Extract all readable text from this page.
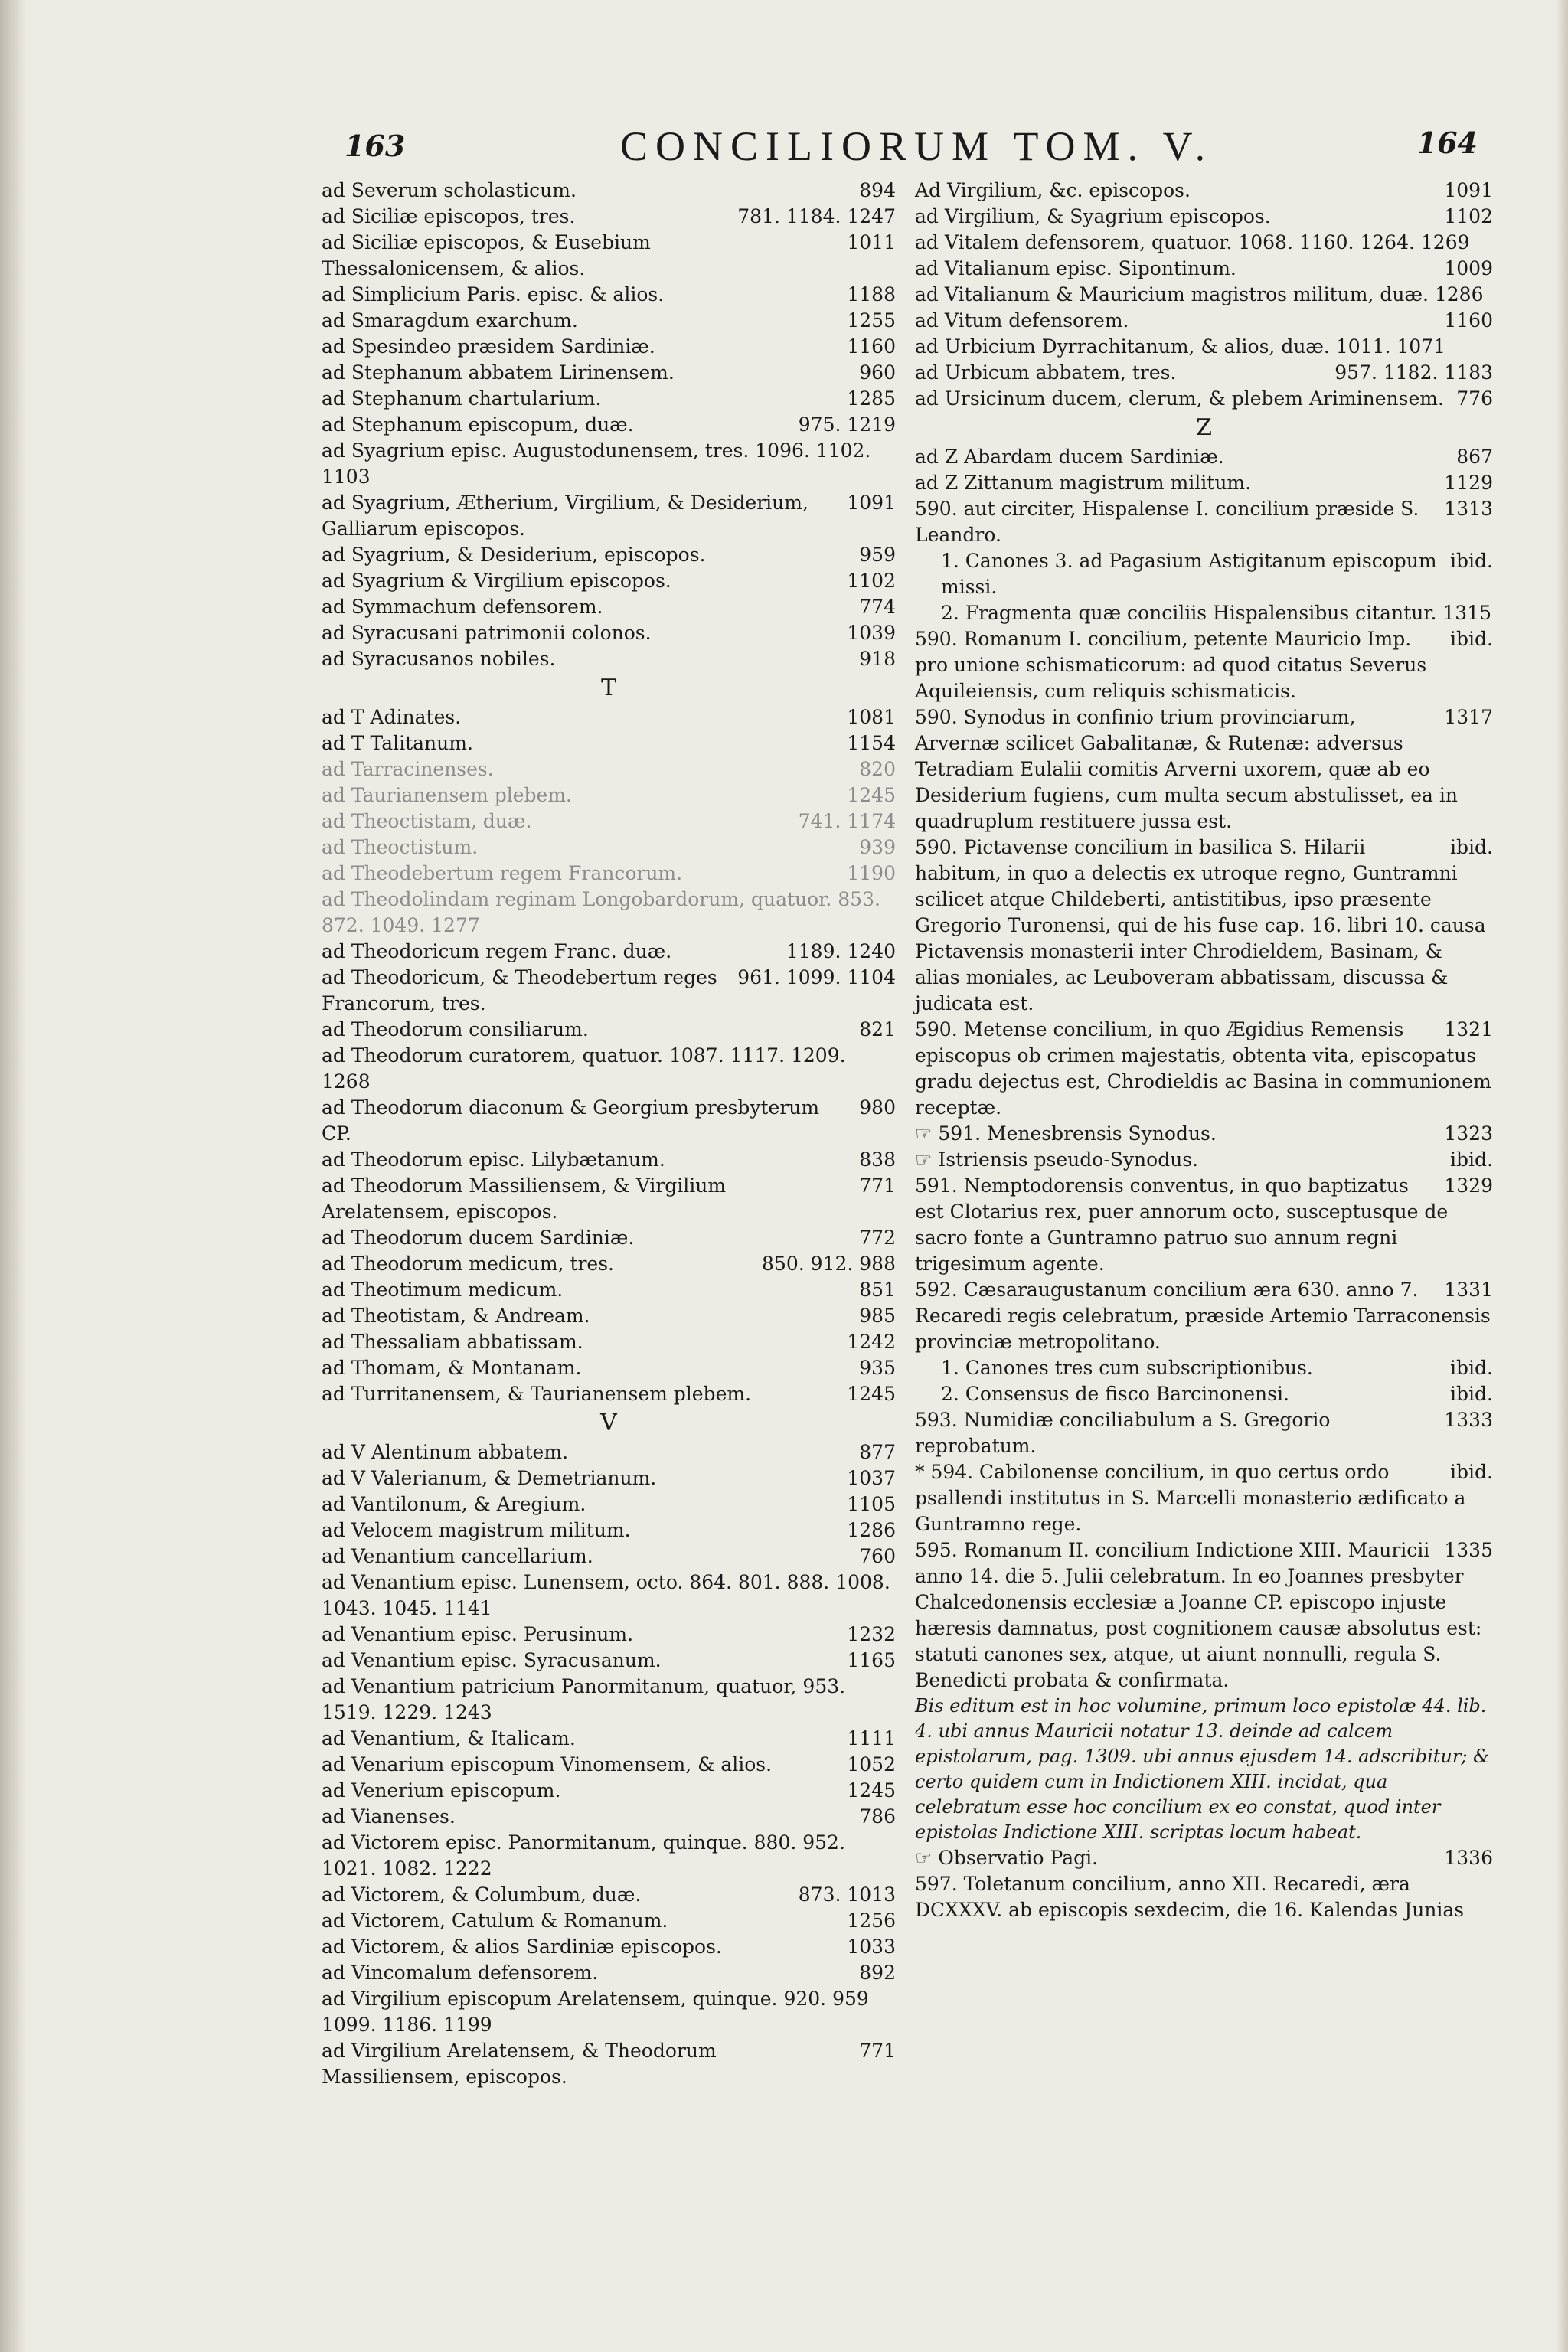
163	CONCILIORUM TOM. V.	164
894
ad Severum scholasticum.
781. 1184. 1247
ad Siciliæ episcopos, tres.
1011
ad Siciliæ episcopos, & Eusebium Thessalonicensem, & alios.
1188
ad Simplicium Paris. episc. & alios.
1255
ad Smaragdum exarchum.
1160
ad Spesindeo præsidem Sardiniæ.
960
ad Stephanum abbatem Lirinensem.
1285
ad Stephanum chartularium.
975. 1219
ad Stephanum episcopum, duæ.
ad Syagrium episc. Augustodunensem, tres. 1096. 1102. 1103
1091
ad Syagrium, Ætherium, Virgilium, & Desiderium, Galliarum episcopos.
959
ad Syagrium, & Desiderium, episcopos.
1102
ad Syagrium & Virgilium episcopos.
774
ad Symmachum defensorem.
1039
ad Syracusani patrimonii colonos.
918
ad Syracusanos nobiles.
T
1081
ad T Adinates.
1154
ad T Talitanum.
820
ad Tarracinenses.
1245
ad Taurianensem plebem.
741. 1174
ad Theoctistam, duæ.
939
ad Theoctistum.
1190
ad Theodebertum regem Francorum.
ad Theodolindam reginam Longobardorum, quatuor. 853. 872. 1049. 1277
1189. 1240
ad Theodoricum regem Franc. duæ.
961. 1099. 1104
ad Theodoricum, & Theodebertum reges Francorum, tres.
821
ad Theodorum consiliarum.
ad Theodorum curatorem, quatuor. 1087. 1117. 1209. 1268
980
ad Theodorum diaconum & Georgium presbyterum CP.
838
ad Theodorum episc. Lilybætanum.
771
ad Theodorum Massiliensem, & Virgilium Arelatensem, episcopos.
772
ad Theodorum ducem Sardiniæ.
850. 912. 988
ad Theodorum medicum, tres.
851
ad Theotimum medicum.
985
ad Theotistam, & Andream.
1242
ad Thessaliam abbatissam.
935
ad Thomam, & Montanam.
1245
ad Turritanensem, & Taurianensem plebem.
V
877
ad V Alentinum abbatem.
1037
ad V Valerianum, & Demetrianum.
1105
ad Vantilonum, & Aregium.
1286
ad Velocem magistrum militum.
760
ad Venantium cancellarium.
ad Venantium episc. Lunensem, octo. 864. 801. 888. 1008. 1043. 1045. 1141
1232
ad Venantium episc. Perusinum.
1165
ad Venantium episc. Syracusanum.
ad Venantium patricium Panormitanum, quatuor, 953. 1519. 1229. 1243
1111
ad Venantium, & Italicam.
1052
ad Venarium episcopum Vinomensem, & alios.
1245
ad Venerium episcopum.
786
ad Vianenses.
ad Victorem episc. Panormitanum, quinque. 880. 952. 1021. 1082. 1222
873. 1013
ad Victorem, & Columbum, duæ.
1256
ad Victorem, Catulum & Romanum.
1033
ad Victorem, & alios Sardiniæ episcopos.
892
ad Vincomalum defensorem.
ad Virgilium episcopum Arelatensem, quinque. 920. 959 1099. 1186. 1199
771
ad Virgilium Arelatensem, & Theodorum Massiliensem, episcopos.
1091
Ad Virgilium, &c. episcopos.
1102
ad Virgilium, & Syagrium episcopos.
ad Vitalem defensorem, quatuor. 1068. 1160. 1264. 1269
1009
ad Vitalianum episc. Sipontinum.
ad Vitalianum & Mauricium magistros militum, duæ. 1286
1160
ad Vitum defensorem.
ad Urbicium Dyrrachitanum, & alios, duæ. 1011. 1071
957. 1182. 1183
ad Urbicum abbatem, tres.
776
ad Ursicinum ducem, clerum, & plebem Ariminensem.
Z
867
ad Z Abardam ducem Sardiniæ.
1129
ad Z Zittanum magistrum militum.
1313
590. aut circiter, Hispalense I. concilium præside S. Leandro.
ibid.
1. Canones 3. ad Pagasium Astigitanum episcopum missi.
2. Fragmenta quæ conciliis Hispalensibus citantur. 1315
ibid.
590. Romanum I. concilium, petente Mauricio Imp. pro unione schismaticorum: ad quod citatus Severus Aquileiensis, cum reliquis schismaticis.
1317
590. Synodus in confinio trium provinciarum, Arvernæ scilicet Gabalitanæ, & Rutenæ: adversus Tetradiam Eulalii comitis Arverni uxorem, quæ ab eo Desiderium fugiens, cum multa secum abstulisset, ea in quadruplum restituere jussa est.
ibid.
590. Pictavense concilium in basilica S. Hilarii habitum, in quo a delectis ex utroque regno, Guntramni scilicet atque Childeberti, antistitibus, ipso præsente Gregorio Turonensi, qui de his fuse cap. 16. libri 10. causa Pictavensis monasterii inter Chrodieldem, Basinam, & alias moniales, ac Leuboveram abbatissam, discussa & judicata est.
1321
590. Metense concilium, in quo Ægidius Remensis episcopus ob crimen majestatis, obtenta vita, episcopatus gradu dejectus est, Chrodieldis ac Basina in communionem receptæ.
1323
☞ 591. Menesbrensis Synodus.
ibid.
☞ Istriensis pseudo-Synodus.
1329
591. Nemptodorensis conventus, in quo baptizatus est Clotarius rex, puer annorum octo, susceptusque de sacro fonte a Guntramno patruo suo annum regni trigesimum agente.
1331
592. Cæsaraugustanum concilium æra 630. anno 7. Recaredi regis celebratum, præside Artemio Tarraconensis provinciæ metropolitano.
ibid.
1. Canones tres cum subscriptionibus.
ibid.
2. Consensus de fisco Barcinonensi.
1333
593. Numidiæ conciliabulum a S. Gregorio reprobatum.
ibid.
* 594. Cabilonense concilium, in quo certus ordo psallendi institutus in S. Marcelli monasterio ædificato a Guntramno rege.
1335
595. Romanum II. concilium Indictione XIII. Mauricii anno 14. die 5. Julii celebratum. In eo Joannes presbyter Chalcedonensis ecclesiæ a Joanne CP. episcopo injuste hæresis damnatus, post cognitionem causæ absolutus est: statuti canones sex, atque, ut aiunt nonnulli, regula S. Benedicti probata & confirmata.
Bis editum est in hoc volumine, primum loco epistolæ 44. lib. 4. ubi annus Mauricii notatur 13. deinde ad calcem epistolarum, pag. 1309. ubi annus ejusdem 14. adscribitur; & certo quidem cum in Indictionem XIII. incidat, qua celebratum esse hoc concilium ex eo constat, quod inter epistolas Indictione XIII. scriptas locum habeat.
1336
☞ Observatio Pagi.
597. Toletanum concilium, anno XII. Recaredi, æra DCXXXV. ab episcopis sexdecim, die 16. Kalendas Junias
